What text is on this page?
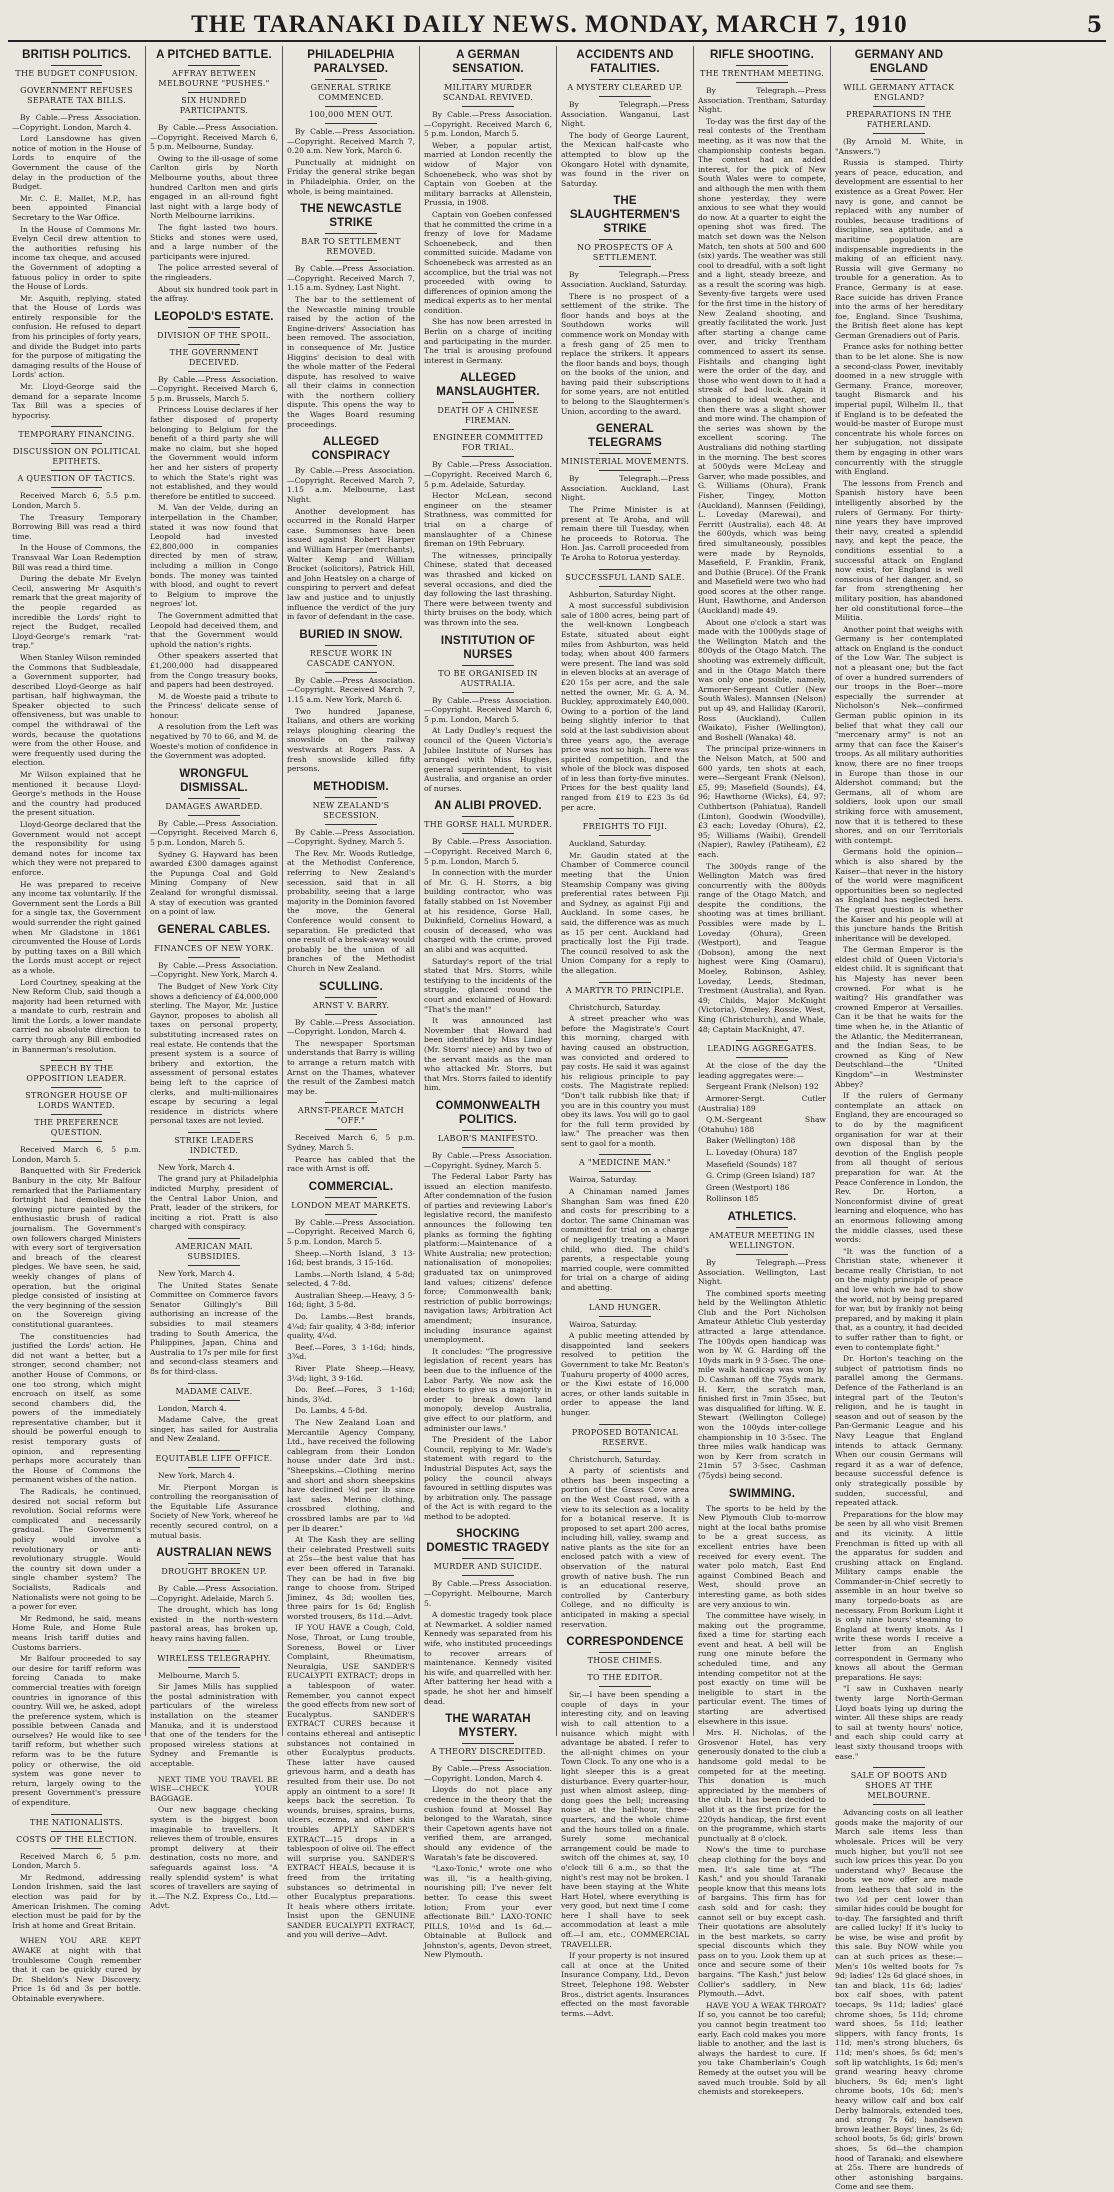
THE TARANAKI DAILY NEWS. MONDAY, MARCH 7, 1910	5
BRITISH POLITICS.
THE BUDGET CONFUSION.
GOVERNMENT REFUSES SEPARATE TAX BILLS.

By Cable.—Press Association.—Copyright. London, March 4.

Lord Lansdowne has given notice of motion in the House of Lords to enquire of the Government the cause of the delay in the production of the Budget.

Mr. C. E. Mallet, M.P., has been appointed Financial Secretary to the War Office.

In the House of Commons Mr. Evelyn Cecil drew attention to the authorities refusing his income tax cheque, and accused the Government of adopting a fatuous policy in order to spite the House of Lords.

Mr. Asquith, replying, stated that the House of Lords was entirely responsible for the confusion. He refused to depart from his principles of forty years, and divide the Budget into parts for the purpose of mitigating the damaging results of the House of Lords' action.

Mr. Lloyd-George said the demand for a separate Income Tax Bill was a species of hypocrisy.

TEMPORARY FINANCING.
DISCUSSION ON POLITICAL EPITHETS.
A QUESTION OF TACTICS.

Received March 6, 5.5 p.m. London, March 5.

The Treasury Temporary Borrowing Bill was read a third time.

In the House of Commons, the Transvaal War Loan Redemption Bill was read a third time.

During the debate Mr Evelyn Cecil, answering Mr Asquith's remark that the great majority of the people regarded as incredible the Lords' right to reject the Budget, recalled Lloyd-George's remark "rat-trap."

When Stanley Wilson reminded the Commons that Sudbleadale, a Government supporter, had described Lloyd-George as half partisan, half highwayman, the Speaker objected to such offensiveness, but was unable to compel the withdrawal of the words, because the quotations were from the other House, and were frequently used during the election.

Mr Wilson explained that he mentioned it because Lloyd-George's methods in the House and the country had produced the present situation.

Lloyd-George declared that the Government would not accept the responsibility for using demand notes for income tax which they were not prepared to enforce.

He was prepared to receive any income tax voluntarily. If the Government sent the Lords a Bill for a single tax, the Government would surrender the right gained when Mr Gladstone in 1861 circumvented the House of Lords by putting taxes on a Bill which the Lords must accept or reject as a whole.

Lord Courtney, speaking at the New Reform Club, said though a majority had been returned with a mandate to curb, restrain and limit the Lords, a lower mandate carried no absolute direction to carry through any Bill embodied in Bannerman's resolution.

SPEECH BY THE OPPOSITION LEADER.
STRONGER HOUSE OF LORDS WANTED.
THE PREFERENCE QUESTION.

Received March 6, 5 p.m. London, March 5.

Banquetted with Sir Frederick Banbury in the city, Mr Balfour remarked that the Parliamentary fortnight had demolished the glowing picture painted by the enthusiastic brush of radical journalism. The Government's own followers charged Ministers with every sort of tergiversation and breach of the clearest pledges. We have seen, he said, weekly changes of plans of operation, but the original pledge consisted of insisting at the very beginning of the session on the Sovereign giving constitutional guarantees.

The constituencies had justified the Lords' action. He did not want a better, but a stronger, second chamber; not another House of Commons, or one too strong, which might encroach on itself, as some second chambers did, the powers of the immediately representative chamber, but it should be powerful enough to resist temporary gusts of opinion, and representing perhaps more accurately than the House of Commons the permanent wishes of the nation.

The Radicals, he continued, desired not social reform but revolution. Social reforms were complicated and necessarily gradual. The Government's policy would involve a revolutionary or anti-revolutionary struggle. Would the country sit down under a single chamber system? The Socialists, Radicals and Nationalists were not going to be a power for ever.

Mr Redmond, he said, means Home Rule, and Home Rule means Irish tariff duties and Customs barriers.

Mr Balfour proceeded to say our desire for tariff reform was forcing Canada to make commercial treaties with foreign countries in ignorance of this country. Will we, he asked, adopt the preference system, which is possible between Canada and ourselves? He would like to see tariff reform, but whether such reform was to be the future policy or otherwise, the old system was gone never to return, largely owing to the present Government's pressure of expenditure.

THE NATIONALISTS.
COSTS OF THE ELECTION.

Received March 6, 5 p.m. London, March 5.

Mr Redmond, addressing London Irishmen, said the last election was paid for by American Irishmen. The coming election must be paid for by the Irish at home and Great Britain.

WHEN YOU ARE KEPT AWAKE at night with that troublesome Cough remember that it can be quickly cured by Dr. Sheldon's New Discovery. Price 1s 6d and 3s per bottle. Obtainable everywhere.

A PITCHED BATTLE.
AFFRAY BETWEEN MELBOURNE "PUSHES."
SIX HUNDRED PARTICIPANTS.

By Cable.—Press Association.—Copyright. Received March 6, 5 p.m. Melbourne, Sunday.

Owing to the ill-usage of some Carlton girls by North Melbourne youths, about three hundred Carlton men and girls engaged in an all-round fight last night with a large body of North Melbourne larrikins.

The fight lasted two hours. Sticks and stones were used, and a large number of the participants were injured.

The police arrested several of the ringleaders.

About six hundred took part in the affray.

LEOPOLD'S ESTATE.
DIVISION OF THE SPOIL.
THE GOVERNMENT DECEIVED.

By Cable.—Press Association.—Copyright. Received March 6, 5 p.m. Brussels, March 5.

Princess Louise declares if her father disposed of property belonging to Belgium for the benefit of a third party she will make no claim, but she hoped the Government would inform her and her sisters of property to which the State's right was not established, and they would therefore be entitled to succeed.

M. Van der Velde, during an interpellation in the Chamber, stated it was now found that Leopold had invested £2,800,000 in companies directed by men of straw, including a million in Congo bonds. The money was tainted with blood, and ought to revert to Belgium to improve the negroes' lot.

The Government admitted that Leopold had deceived them, and that the Government would uphold the nation's rights.

Other speakers asserted that £1,200,000 had disappeared from the Congo treasury books, and papers had been destroyed.

M. de Woeste paid a tribute to the Princess' delicate sense of honour.

A resolution from the Left was negatived by 70 to 66, and M. de Woeste's motion of confidence in the Government was adopted.

WRONGFUL DISMISSAL.
DAMAGES AWARDED.

By Cable.—Press Association.—Copyright. Received March 6, 5 p.m. London, March 5.

Sydney G. Hayward has been awarded £300 damages against the Pupunga Coal and Gold Mining Company of New Zealand for wrongful dismissal. A stay of execution was granted on a point of law.

GENERAL CABLES.
FINANCES OF NEW YORK.

By Cable.—Press Association.—Copyright. New York, March 4.

The Budget of New York City shows a deficiency of £4,000,000 sterling. The Mayor, Mr. Justice Gaynor, proposes to abolish all taxes on personal property, substituting increased rates on real estate. He contends that the present system is a source of bribery and extortion, the assessment of personal estates being left to the caprice of clerks, and multi-millionaires escape by securing a legal residence in districts where personal taxes are not levied.

STRIKE LEADERS INDICTED.

New York, March 4.

The grand jury at Philadelphia indicted Murphy, president of the Central Labor Union, and Pratt, leader of the strikers, for inciting a riot. Pratt is also charged with conspiracy.

AMERICAN MAIL SUBSIDIES.

New York, March 4.

The United States Senate Committee on Commerce favors Senator Gillingly's Bill authorising an increase of the subsidies to mail steamers trading to South America, the Philippines, Japan, China and Australia to 17s per mile for first and second-class steamers and 8s for third-class.

MADAME CALVE.

London, March 4.

Madame Calve, the great singer, has sailed for Australia and New Zealand.

EQUITABLE LIFE OFFICE.

New York, March 4.

Mr. Pierpont Morgan is controlling the reorganisation of the Equitable Life Assurance Society of New York, whereof he recently secured control, on a mutual basis.

AUSTRALIAN NEWS
DROUGHT BROKEN UP.

By Cable.—Press Association.—Copyright. Adelaide, March 5.

The drought, which has long existed in the north-western pastoral areas, has broken up, heavy rains having fallen.

WIRELESS TELEGRAPHY.

Melbourne, March 5.

Sir James Mills has supplied the postal administration with particulars of the wireless installation on the steamer Manuka, and it is understood that one of the tenders for the proposed wireless stations at Sydney and Fremantle is acceptable.

NEXT TIME YOU TRAVEL BE WISE—CHECK YOUR BAGGAGE.

Our new baggage checking system is the biggest boon imaginable to travellers. It relieves them of trouble, ensures prompt delivery at their destination, costs no more, and safeguards against loss. "A really splendid system" is what scores of travellers are saying of it.—The N.Z. Express Co., Ltd.—Advt.

PHILADELPHIA PARALYSED.
GENERAL STRIKE COMMENCED.
100,000 MEN OUT.

By Cable.—Press Association.—Copyright. Received March 7, 0.20 a.m. New York, March 6.

Punctually at midnight on Friday the general strike began in Philadelphia. Order, on the whole, is being maintained.

THE NEWCASTLE STRIKE
BAR TO SETTLEMENT REMOVED.

By Cable.—Press Association.—Copyright. Received March 7, 1.15 a.m. Sydney, Last Night.

The bar to the settlement of the Newcastle mining trouble raised by the action of the Engine-drivers' Association has been removed. The association, in consequence of Mr. Justice Higgins' decision to deal with the whole matter of the Federal dispute, has resolved to waive all their claims in connection with the northern colliery dispute. This opens the way to the Wages Board resuming proceedings.

ALLEGED CONSPIRACY

By Cable.—Press Association.—Copyright. Received March 7, 1.15 a.m. Melbourne, Last Night.

Another development has occurred in the Ronald Harper case. Summonses have been issued against Robert Harper and William Harper (merchants), Walter Kemp and William Brocket (solicitors), Patrick Hill, and John Heatsley on a charge of conspiring to pervert and defeat law and justice and to unjustly influence the verdict of the jury in favor of defendant in the case.

BURIED IN SNOW.
RESCUE WORK IN CASCADE CANYON.

By Cable.—Press Association.—Copyright. Received March 7, 1.15 a.m. New York, March 6.

Two hundred Japanese, Italians, and others are working relays ploughing clearing the snowslide on the railway westwards at Rogers Pass. A fresh snowslide killed fifty persons.

METHODISM.
NEW ZEALAND'S SECESSION.

By Cable.—Press Association.—Copyright. Sydney, March 5.

The Rev. Mr. Woods Rutledge, at the Methodist Conference, referring to New Zealand's secession, said that in all probability, seeing that a large majority in the Dominion favored the move, the General Conference would consent to separation. He predicted that one result of a break-away would probably be the union of all branches of the Methodist Church in New Zealand.

SCULLING.
ARNST V. BARRY.

By Cable.—Press Association.—Copyright. London, March 4.

The newspaper Sportsman understands that Barry is willing to arrange a return match with Arnst on the Thames, whatever the result of the Zambesi match may be.

ARNST-PEARCE MATCH "OFF."

Received March 6, 5 p.m. Sydney, March 5.

Pearce has cabled that the race with Arnst is off.

COMMERCIAL.
LONDON MEAT MARKETS.

By Cable.—Press Association.—Copyright. Received March 6, 5 p.m. London, March 5.

Sheep.—North Island, 3 13-16d; best brands, 3 15-16d.

Lambs.—North Island, 4 5-8d; selected, 4 7-8d.

Australian Sheep.—Heavy, 3 5-16d; light, 3 5-8d.

Do. Lambs.—Best brands, 4¼d; fair quality, 4 3-8d; inferior quality, 4¼d.

Beef.—Fores, 3 1-16d; hinds, 3¾d.

River Plate Sheep.—Heavy, 3¼d; light, 3 9-16d.

Do. Beef.—Fores, 3 1-16d; hinds, 3¾d.

Do. Lambs, 4 5-8d.

The New Zealand Loan and Mercantile Agency Company, Ltd., have received the following cablegram from their London house under date 3rd inst.: "Sheepskins.—Clothing merino and short and shorn sheepskins have declined ⅛d per lb since last sales. Merino clothing, crossbred clothing, and crossbred lambs are par to ⅛d per lb dearer."

At The Kash they are selling their celebrated Prestwell suits at 25s—the best value that has ever been offered in Taranaki. They can be had in five big range to choose from. Striped Jiminez, 4s 3d; woollen ties, three pairs for 1s 6d; English worsted trousers, 8s 11d.—Advt.

IF YOU HAVE a Cough, Cold, Nose, Throat, or Lung trouble, Soreness, Bowel or Liver Complaint, Rheumatism, Neuralgia, USE SANDER'S EUCALYPTI EXTRACT; drops in a tablespoon of water. Remember, you cannot expect the good effects from new sort of Eucalyptus. SANDER'S EXTRACT CURES because it contains ethereal and antiseptic substances not contained in other Eucalyptus products. These latter have caused grievous harm, and a death has resulted from their use. Do not apply an ointment to a sore! It keeps back the secretion. To wounds, bruises, sprains, burns, ulcers, eczema, and other skin troubles APPLY SANDER'S EXTRACT—15 drops in a tablespoon of olive oil. The effect will surprise you. SANDER'S EXTRACT HEALS, because it is freed from the irritating substances so detrimental in other Eucalyptus preparations. It heals where others irritate. Insist upon the GENUINE SANDER EUCALYPTI EXTRACT, and you will derive—Advt.

A GERMAN SENSATION.
MILITARY MURDER SCANDAL REVIVED.

By Cable.—Press Association.—Copyright. Received March 6, 5 p.m. London, March 5.

Weber, a popular artist, married at London recently the widow of Major von Schoenebeck, who was shot by Captain von Goeben at the military barracks at Allenstein, Prussia, in 1908.

Captain von Goeben confessed that he committed the crime in a frenzy of love for Madame Schoenebeck, and then committed suicide. Madame von Schoenebeck was arrested as an accomplice, but the trial was not proceeded with owing to differences of opinion among the medical experts as to her mental condition.

She has now been arrested in Berlin on a charge of inciting and participating in the murder. The trial is arousing profound interest in Germany.

ALLEGED MANSLAUGHTER.
DEATH OF A CHINESE FIREMAN.
ENGINEER COMMITTED FOR TRIAL.

By Cable.—Press Association.—Copyright. Received March 6, 5 p.m. Adelaide, Saturday.

Hector McLean, second engineer on the steamer Strathness, was committed for trial on a charge of manslaughter of a Chinese fireman on 19th February.

The witnesses, principally Chinese, stated that deceased was thrashed and kicked on several occasions, and died the day following the last thrashing. There were between twenty and thirty bruises on the body, which was thrown into the sea.

INSTITUTION OF NURSES
TO BE ORGANISED IN AUSTRALIA.

By Cable.—Press Association.—Copyright. Received March 6, 5 p.m. London, March 5.

At Lady Dudley's request the council of the Queen Victoria's Jubilee Institute of Nurses has arranged with Miss Hughes, general superintendent, to visit Australia, and organise an order of nurses.

AN ALIBI PROVED.
THE GORSE HALL MURDER.

By Cable.—Press Association.—Copyright. Received March 6, 5 p.m. London, March 5.

In connection with the murder of Mr. G. H. Storrs, a big building contractor, who was fatally stabbed on 1st November at his residence, Gorse Hall, Dukinfield, Cornelius Howard, a cousin of deceased, who was charged with the crime, proved an alibi and was acquitted.

Saturday's report of the trial stated that Mrs. Storrs, while testifying to the incidents of the struggle, glanced round the court and exclaimed of Howard: "That's the man!"

It was announced last November that Howard had been identified by Miss Lindley (Mr. Storrs' niece) and by two of the servant maids as the man who attacked Mr. Storrs, but that Mrs. Storrs failed to identify him.

COMMONWEALTH POLITICS.
LABOR'S MANIFESTO.

By Cable.—Press Association.—Copyright. Sydney, March 5.

The Federal Labor Party has issued an election manifesto. After condemnation of the fusion of parties and reviewing Labor's legislative record, the manifesto announces the following ten planks as forming the fighting platform:—Maintenance of a White Australia; new protection; nationalisation of monopolies; graduated tax on unimproved land values; citizens' defence force; Commonwealth bank; restriction of public borrowings; navigation laws; Arbitration Act amendment; insurance, including insurance against unemployment.

It concludes: "The progressive legislation of recent years has been due to the influence of the Labor Party. We now ask the electors to give us a majority in order to break down land monopoly, develop Australia, give effect to our platform, and administer our laws."

The President of the Labor Council, replying to Mr. Wade's statement with regard to the Industrial Disputes Act, says the policy the council always favoured in settling disputes was by arbitration only. The passage of the Act is with regard to the method to be adopted.

SHOCKING DOMESTIC TRAGEDY
MURDER AND SUICIDE.

By Cable.—Press Association.—Copyright. Melbourne, March 5.

A domestic tragedy took place at Newmarket. A soldier named Kennedy was separated from his wife, who instituted proceedings to recover arrears of maintenance. Kennedy visited his wife, and quarrelled with her. After battering her head with a spade, he shot her and himself dead.

THE WARATAH MYSTERY.
A THEORY DISCREDITED.

By Cable.—Press Association.—Copyright. London, March 4.

Lloyds do not place any credence in the theory that the cushion found at Mossel Bay belonged to the Waratah, since their Capetown agents have not verified them, are arranged, should any evidence of the Waratah's fate be discovered.

"Laxo-Tonic," wrote one who was ill, "is a health-giving, nourishing pill; I've never felt better. To cease this sweet lotion; From your ever affectionate Bill." LAXO-TONIC PILLS, 10½d and 1s 6d.—Obtainable at Bullock and Johnston's, agents, Devon street, New Plymouth.

ACCIDENTS AND FATALITIES.
A MYSTERY CLEARED UP.

By Telegraph.—Press Association. Wanganui, Last Night.

The body of George Laurent, the Mexican half-caste who attempted to blow up the Okongaro Hotel with dynamite, was found in the river on Saturday.

THE SLAUGHTERMEN'S STRIKE
NO PROSPECTS OF A SETTLEMENT.

By Telegraph.—Press Association. Auckland, Saturday.

There is no prospect of a settlement of the strike. The floor hands and boys at the Southdown works will commence work on Monday with a fresh gang of 25 men to replace the strikers. It appears the floor hands and boys, though on the books of the union, and having paid their subscriptions for some years, are not entitled to belong to the Slaughtermen's Union, according to the award.

GENERAL TELEGRAMS
MINISTERIAL MOVEMENTS.

By Telegraph.—Press Association. Auckland, Last Night.

The Prime Minister is at present at Te Aroha, and will remain there till Tuesday, when he proceeds to Rotorua. The Hon. Jas. Carroll proceeded from Te Aroha to Rotorua yesterday.

SUCCESSFUL LAND SALE.

Ashburton, Saturday Night.

A most successful subdivision sale of 1800 acres, being part of the well-known Longbeach Estate, situated about eight miles from Ashburton, was held today, when about 400 farmers were present. The land was sold in eleven blocks at an average of £20 15s per acre, and the sale netted the owner, Mr. G. A. M. Buckley, approximately £40,000. Owing to a portion of the land being slightly inferior to that sold at the last subdivision about three years ago, the average price was not so high. There was spirited competition, and the whole of the block was disposed of in less than forty-five minutes. Prices for the best quality land ranged from £19 to £23 3s 6d per acre.

FREIGHTS TO FIJI.

Auckland, Saturday.

Mr. Gaudin stated at the Chamber of Commerce council meeting that the Union Steamship Company was giving preferential rates between Fiji and Sydney, as against Fiji and Auckland. In some cases, he said, the difference was as much as 15 per cent. Auckland had practically lost the Fiji trade. The council resolved to ask the Union Company for a reply to the allegation.

A MARTYR TO PRINCIPLE.

Christchurch, Saturday.

A street preacher who was before the Magistrate's Court this morning, charged with having caused an obstruction, was convicted and ordered to pay costs. He said it was against his religious principle to pay costs. The Magistrate replied: "Don't talk rubbish like that; if you are in this country you must obey its laws. You will go to gaol for the full term provided by law." The preacher was then sent to gaol for a month.

A "MEDICINE MAN."

Wairoa, Saturday.

A Chinaman named James Shanghan Sam was fined £20 and costs for prescribing to a doctor. The same Chinaman was committed for trial on a charge of negligently treating a Maori child, who died. The child's parents, a respectable young married couple, were committed for trial on a charge of aiding and abetting.

LAND HUNGER.

Wairoa, Saturday.

A public meeting attended by disappointed land seekers resolved to petition the Government to take Mr. Beaton's Tuahuru property of 4000 acres, or the Kiwi estate of 16,000 acres, or other lands suitable in order to appease the land hunger.

PROPOSED BOTANICAL RESERVE.

Christchurch, Saturday.

A party of scientists and others has been inspecting a portion of the Grass Cove area on the West Coast road, with a view to its selection as a locality for a botanical reserve. It is proposed to set apart 200 acres, including hill, valley, swamp and native plants as the site for an enclosed patch with a view of observation of the natural growth of native bush. The run is an educational reserve, controlled by Canterbury College, and no difficulty is anticipated in making a special reservation.

CORRESPONDENCE
THOSE CHIMES.
TO THE EDITOR.

Sir,—I have been spending a couple of days in your interesting city, and on leaving wish to call attention to a nuisance which might with advantage be abated. I refer to the all-night chimes on your Town Clock. To any one who is a light sleeper this is a great disturbance. Every quarter-hour, just when almost asleep, ding-dong goes the bell; increasing noise at the half-hour, three-quarters, and the whole chime and the hours tolled on a finale. Surely some mechanical arrangement could be made to switch off the chimes at, say, 10 o'clock till 6 a.m., so that the night's rest may not be broken. I have been staying at the White Hart Hotel, where everything is very good, but next time I come here I shall have to seek accommodation at least a mile off.—I am, etc., COMMERCIAL TRAVELLER.

If your property is not insured call at once at the United Insurance Company, Ltd., Devon Street, Telephone 198. Webster Bros., district agents. Insurances effected on the most favorable terms.—Advt.

RIFLE SHOOTING.
THE TRENTHAM MEETING.

By Telegraph.—Press Association. Trentham, Saturday Night.

To-day was the first day of the real contests of the Trentham meeting, as it was now that the championship contests began. The contest had an added interest, for the pick of New South Wales were to compete, and although the men with them shone yesterday, they were anxious to see what they would do now. At a quarter to eight the opening shot was fired. The match set down was the Nelson Match, ten shots at 500 and 600 (six) yards. The weather was still cool to dreadful, with a soft light and a light, steady breeze, and as a result the scoring was high. Seventy-five targets were used for the first time in the history of New Zealand shooting, and greatly facilitated the work. Just after starting a change came over, and tricky Trentham commenced to assert its sense. Fishtails and changing light were the order of the day, and those who went down to it had a streak of bad luck. Again it changed to ideal weather, and then there was a slight shower and more wind. The champion of the series was shown by the excellent scoring. The Australians did nothing startling in the morning. The best scores at 500yds were McLeay and Garver, who made possibles, and G. Williams (Ohura), Frank Fisher, Tingey, Motton (Auckland), Mannsen (Feilding), L. Loveday (Marewai), and Ferritt (Australia), each 48. At the 600yds, which was being fired simultaneously, possibles were made by Reynolds, Masefield, F. Franklin, Frank, and Duthie (Bruce). Of the Frank and Masefield were two who had good scores at the other range. Hunt, Hawthorne, and Anderson (Auckland) made 49.

About one o'clock a start was made with the 1000yds stage of the Wellington Match and the 800yds of the Otago Match. The shooting was extremely difficult, and in the Otago Match there was only one possible, namely, Armorer-Sergeant Cutler (New South Wales). Mannsen (Nelson) put up 49, and Halliday (Karori), Ross (Auckland), Cullen (Waikato), Fisher (Wellington), and Boshell (Wanaka) 48.

The principal prize-winners in the Nelson Match, at 500 and 600 yards, ten shots at each, were—Sergeant Frank (Nelson), £5, 99; Masefield (Sounds), £4, 96; Hawthorne (Wicks), £4, 97; Cuthbertson (Pahiatua), Randell (Linton), Goodwin (Woodville), £3 each; Loveday (Ohura), £2, 95; Williams (Waihi), Grendell (Napier), Rawley (Patiheam), £2 each.

The 300yds range of the Wellington Match was fired concurrently with the 800yds range of the Otago Match, and despite the conditions, the shooting was at times brilliant. Possibles were made by L. Loveday (Ohura), Green (Westport), and Teague (Dobson), among the next highest were King (Oamaru), Moeley, Robinson, Ashley, Loveday, Leeds, Stedman, Trestment (Australia), and Ryan. 49; Childs, Major McKnight (Victoria), Omeley, Rossie, West, King (Christchurch), and Whale, 48; Captain MacKnight, 47.

LEADING AGGREGATES.

At the close of the day the leading aggregates were:—

Sergeant Frank (Nelson) 192

Armorer-Sergt. Cutler (Australia) 189

Q.M.-Sergeant Shaw (Otahuhu) 188

Baker (Wellington) 188

L. Loveday (Ohura) 187

Masefield (Sounds) 187

G. Crimp (Green Island) 187

Green (Westport) 186

Rollinson 185

ATHLETICS.
AMATEUR MEETING IN WELLINGTON.

By Telegraph.—Press Association. Wellington, Last Night.

The combined sports meeting held by the Wellington Athletic Club and the Port Nicholson Amateur Athletic Club yesterday attracted a large attendance. The 100yds open handicap was won by W. G. Harding off the 10yds mark in 9 3-5sec. The one-mile walk handicap was won by D. Cashman off the 75yds mark. H. Kerr, the scratch man, finished first in 7min 35sec, but was disqualified for lifting. W. E. Stewart (Wellington College) won the 100yds inter-college championship in 10 3-5sec. The three miles walk handicap was won by Kerr from scratch in 21min 57 3-5sec, Cashman (75yds) being second.

SWIMMING.

The sports to be held by the New Plymouth Club to-morrow night at the local baths promise to be a great success, as excellent entries have been received for every event. The water polo match, East End against Combined Beach and West, should prove an interesting game, as both sides are very anxious to win.

The committee have wisely, in making out the programme, fixed a time for starting each event and heat. A bell will be rung one minute before the scheduled time, and any intending competitor not at the post exactly on time will be ineligible to start in the particular event. The times of starting are advertised elsewhere in this issue.

Mrs. H. Nicholas, of the Grosvenor Hotel, has very generously donated to the club a handsome gold medal to be competed for at the meeting. This donation is much appreciated by the members of the club. It has been decided to allot it as the first prize for the 220yds handicap, the first event on the programme, which starts punctually at 8 o'clock.

Now's the time to purchase cheap clothing for the boys and men. It's sale time at "The Kash," and you should Taranaki people know that this means lots of bargains. This firm has for cash sold and for cash; they cannot sell or buy except cash. Their quotations are absolutely in the best markets, so carry special discounts which they pass on to you. Look them up at once and secure some of their bargains. "The Kash," just below Collier's saddlery, in New Plymouth.—Advt.

HAVE YOU A WEAK THROAT? If so, you cannot be too careful; you cannot begin treatment too early. Each cold makes you more liable to another, and the last is always the hardest to cure. If you take Chamberlain's Cough Remedy at the outset you will be saved much trouble. Sold by all chemists and storekeepers.

GERMANY AND ENGLAND
WILL GERMANY ATTACK ENGLAND?
PREPARATIONS IN THE FATHERLAND.

(By Arnold M. White, in "Answers.")

Russia is stamped. Thirty years of peace, education, and development are essential to her existence as a Great Power. Her navy is gone, and cannot be replaced with any number of roubles, because traditions of discipline, sea aptitude, and a maritime population are indispensable ingredients in the making of an efficient navy. Russia will give Germany no trouble for a generation. As to France, Germany is at ease. Race suicide has driven France into the arms of her hereditary foe, England. Since Tsushima, the British fleet alone has kept German Grenadiers out of Paris.

France asks for nothing better than to be let alone. She is now a second-class Power, inevitably doomed in a new struggle with Germany. France, moreover, taught Bismarck and his imperial pupil, Wilhelm II., that if England is to be defeated the would-be master of Europe must concentrate his whole forces on her subjugation, not dissipate them by engaging in other wars concurrently with the struggle with England.

The lessons from French and Spanish history have been intelligently absorbed by the rulers of Germany. For thirty-nine years they have improved their navy, created a splendid navy, and kept the peace, the conditions essential to a successful attack on England now exist, for England is well conscious of her danger, and, so far from strengthening her military position, has abandoned her old constitutional force—the Militia.

Another point that weighs with Germany is her contemplated attack on England is the conduct of the Low War. The subject is not a pleasant one; but the fact of over a hundred surrenders of our troops in the Boer—more especially the surrender at Nicholson's Nek—confirmed German public opinion in its belief that what they call our "mercenary army" is not an army that can face the Kaiser's troops. As all military authorities know, there are no finer troops in Europe than those in our Aldershot command; but the Germans, all of whom are soldiers, look upon our small striking force with amusement, now that it is tethered to these shores, and on our Territorials with contempt.

Germans hold the opinion—which is also shared by the Kaiser—that never in the history of the world were magnificent opportunities been so neglected as England has neglected hers. The great question is whether the Kaiser and his people will at this juncture hands the British inheritance will be developed.

The German Emperor is the eldest child of Queen Victoria's eldest child. It is significant that his Majesty has never been crowned. For what is he waiting? His grandfather was crowned Emperor at Versailles. Can it be that he waits for the time when he, in the Atlantic of the Atlantic, the Mediterranean, and the Indian Seas, to be crowned as King of New Deutschland—the "United Kingdom"—in Westminster Abbey?

If the rulers of Germany contemplate an attack on England, they are encouraged so to do by the magnificent organisation for war at their own disposal than by the devotion of the English people from all thought of serious preparation for war. At the Peace Conference in London, the Rev. Dr. Horton, a Nonconformist divine of great learning and eloquence, who has an enormous following among the middle classes, used these words:

"It was the function of a Christian state, whenever it became really Christian, to not on the mighty principle of peace and love which we had to show the world, not by being prepared for war, but by frankly not being prepared, and by making it plain that, as a country, it had decided to suffer rather than to fight, or even to contemplate fight."

Dr. Horton's teaching on the subject of patriotism finds no parallel among the Germans. Defence of the Fatherland is an integral part of the Teuton's religion, and he is taught in season and out of season by the Pan-Germanic League and his Navy League that England intends to attack Germany. When our cousin Germans will regard it as a war of defence, because successful defence is only strategically possible by sudden, successful, and repeated attack.

Preparations for the blow may be seen by all who visit Bremen and its vicinity. A little Frenchman is fitted up with all the apparatus for sudden and crushing attack on England. Military camps enable the Commander-in-Chief secretly to assemble in an hour twelve so many torpedo-boats as are necessary. From Borkum Light it is only nine hours' steaming to England at twenty knots. As I write these words I receive a letter from an English correspondent in Germany who knows all about the German preparations. He says:

"I saw in Cuxhaven nearly twenty large North-German Lloyd boats lying up during the winter. All these ships are ready to sail at twenty hours' notice, and each ship could carry at least sixty thousand troops with ease."

SALE OF BOOTS AND SHOES AT THE MELBOURNE.

Advancing costs on all leather goods make the majority of our March sale items less than wholesale. Prices will be very much higher, but you'll not see such low prices this year. Do you understand why? Because the boots we now offer are made from leathers that sold in the two ½d per cent lower than similar hides could be bought for to-day. The farsighted and thrift are called lucky! If it's lucky to be wise, be wise and profit by this sale. Buy NOW while you can at such prices as these:—Men's 10s welted boots for 7s 9d; ladies' 12s 6d glacé shoes, in tan and black, 11s 6d; ladies' box calf shoes, with patent toecaps, 9s 11d; ladies' glacé chrome shoes, 5s 11d; chrome ward shoes, 5s 11d; leather slippers, with fancy fronts, 1s 11d; men's strong bluchers, 6s 11d; men's shoes, 5s 6d; men's soft lip watchlights, 1s 6d; men's grand wearing heavy chrome bluchers, 9s 6d; men's light chrome boots, 10s 6d; men's heavy willow calf and box calf Derby balmorals, extended toes, and strong 7s 6d; handsewn brown leather. Boys' lines, 2s 6d; school boots, 5s 6d; girls' brown shoes, 5s 6d—the champion hood of Taranaki; and elsewhere at 25s. There are hundreds of other astonishing bargains. Come and see them.
